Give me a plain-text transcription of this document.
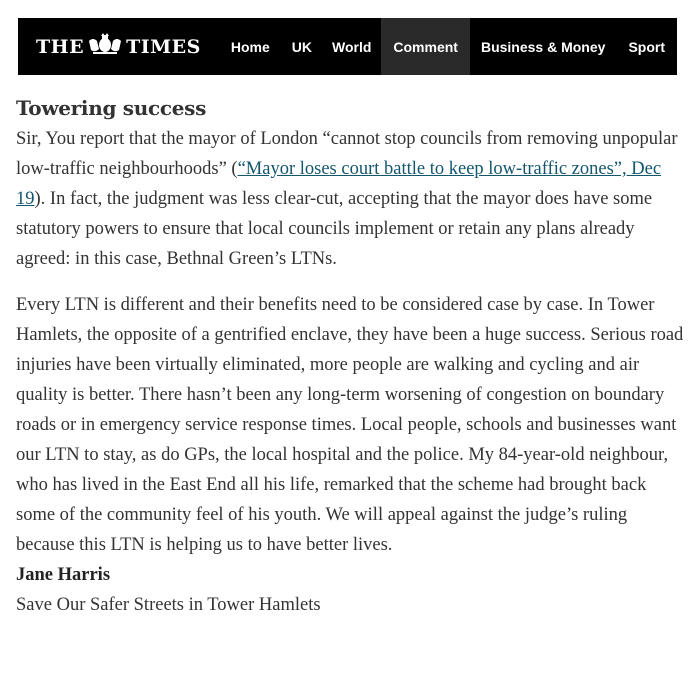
THE TIMES	Home	UK	World	Comment	Business & Money	Sport
Towering success

Sir, You report that the mayor of London “cannot stop councils from removing unpopular low-traffic neighbourhoods” (“Mayor loses court battle to keep low-traffic zones”, Dec 19). In fact, the judgment was less clear-cut, accepting that the mayor does have some statutory powers to ensure that local councils implement or retain any plans already agreed: in this case, Bethnal Green’s LTNs.

Every LTN is different and their benefits need to be considered case by case. In Tower Hamlets, the opposite of a gentrified enclave, they have been a huge success. Serious road injuries have been virtually eliminated, more people are walking and cycling and air quality is better. There hasn’t been any long-term worsening of congestion on boundary roads or in emergency service response times. Local people, schools and businesses want our LTN to stay, as do GPs, the local hospital and the police. My 84-year-old neighbour, who has lived in the East End all his life, remarked that the scheme had brought back some of the community feel of his youth. We will appeal against the judge’s ruling because this LTN is helping us to have better lives.

Jane Harris
Save Our Safer Streets in Tower Hamlets
